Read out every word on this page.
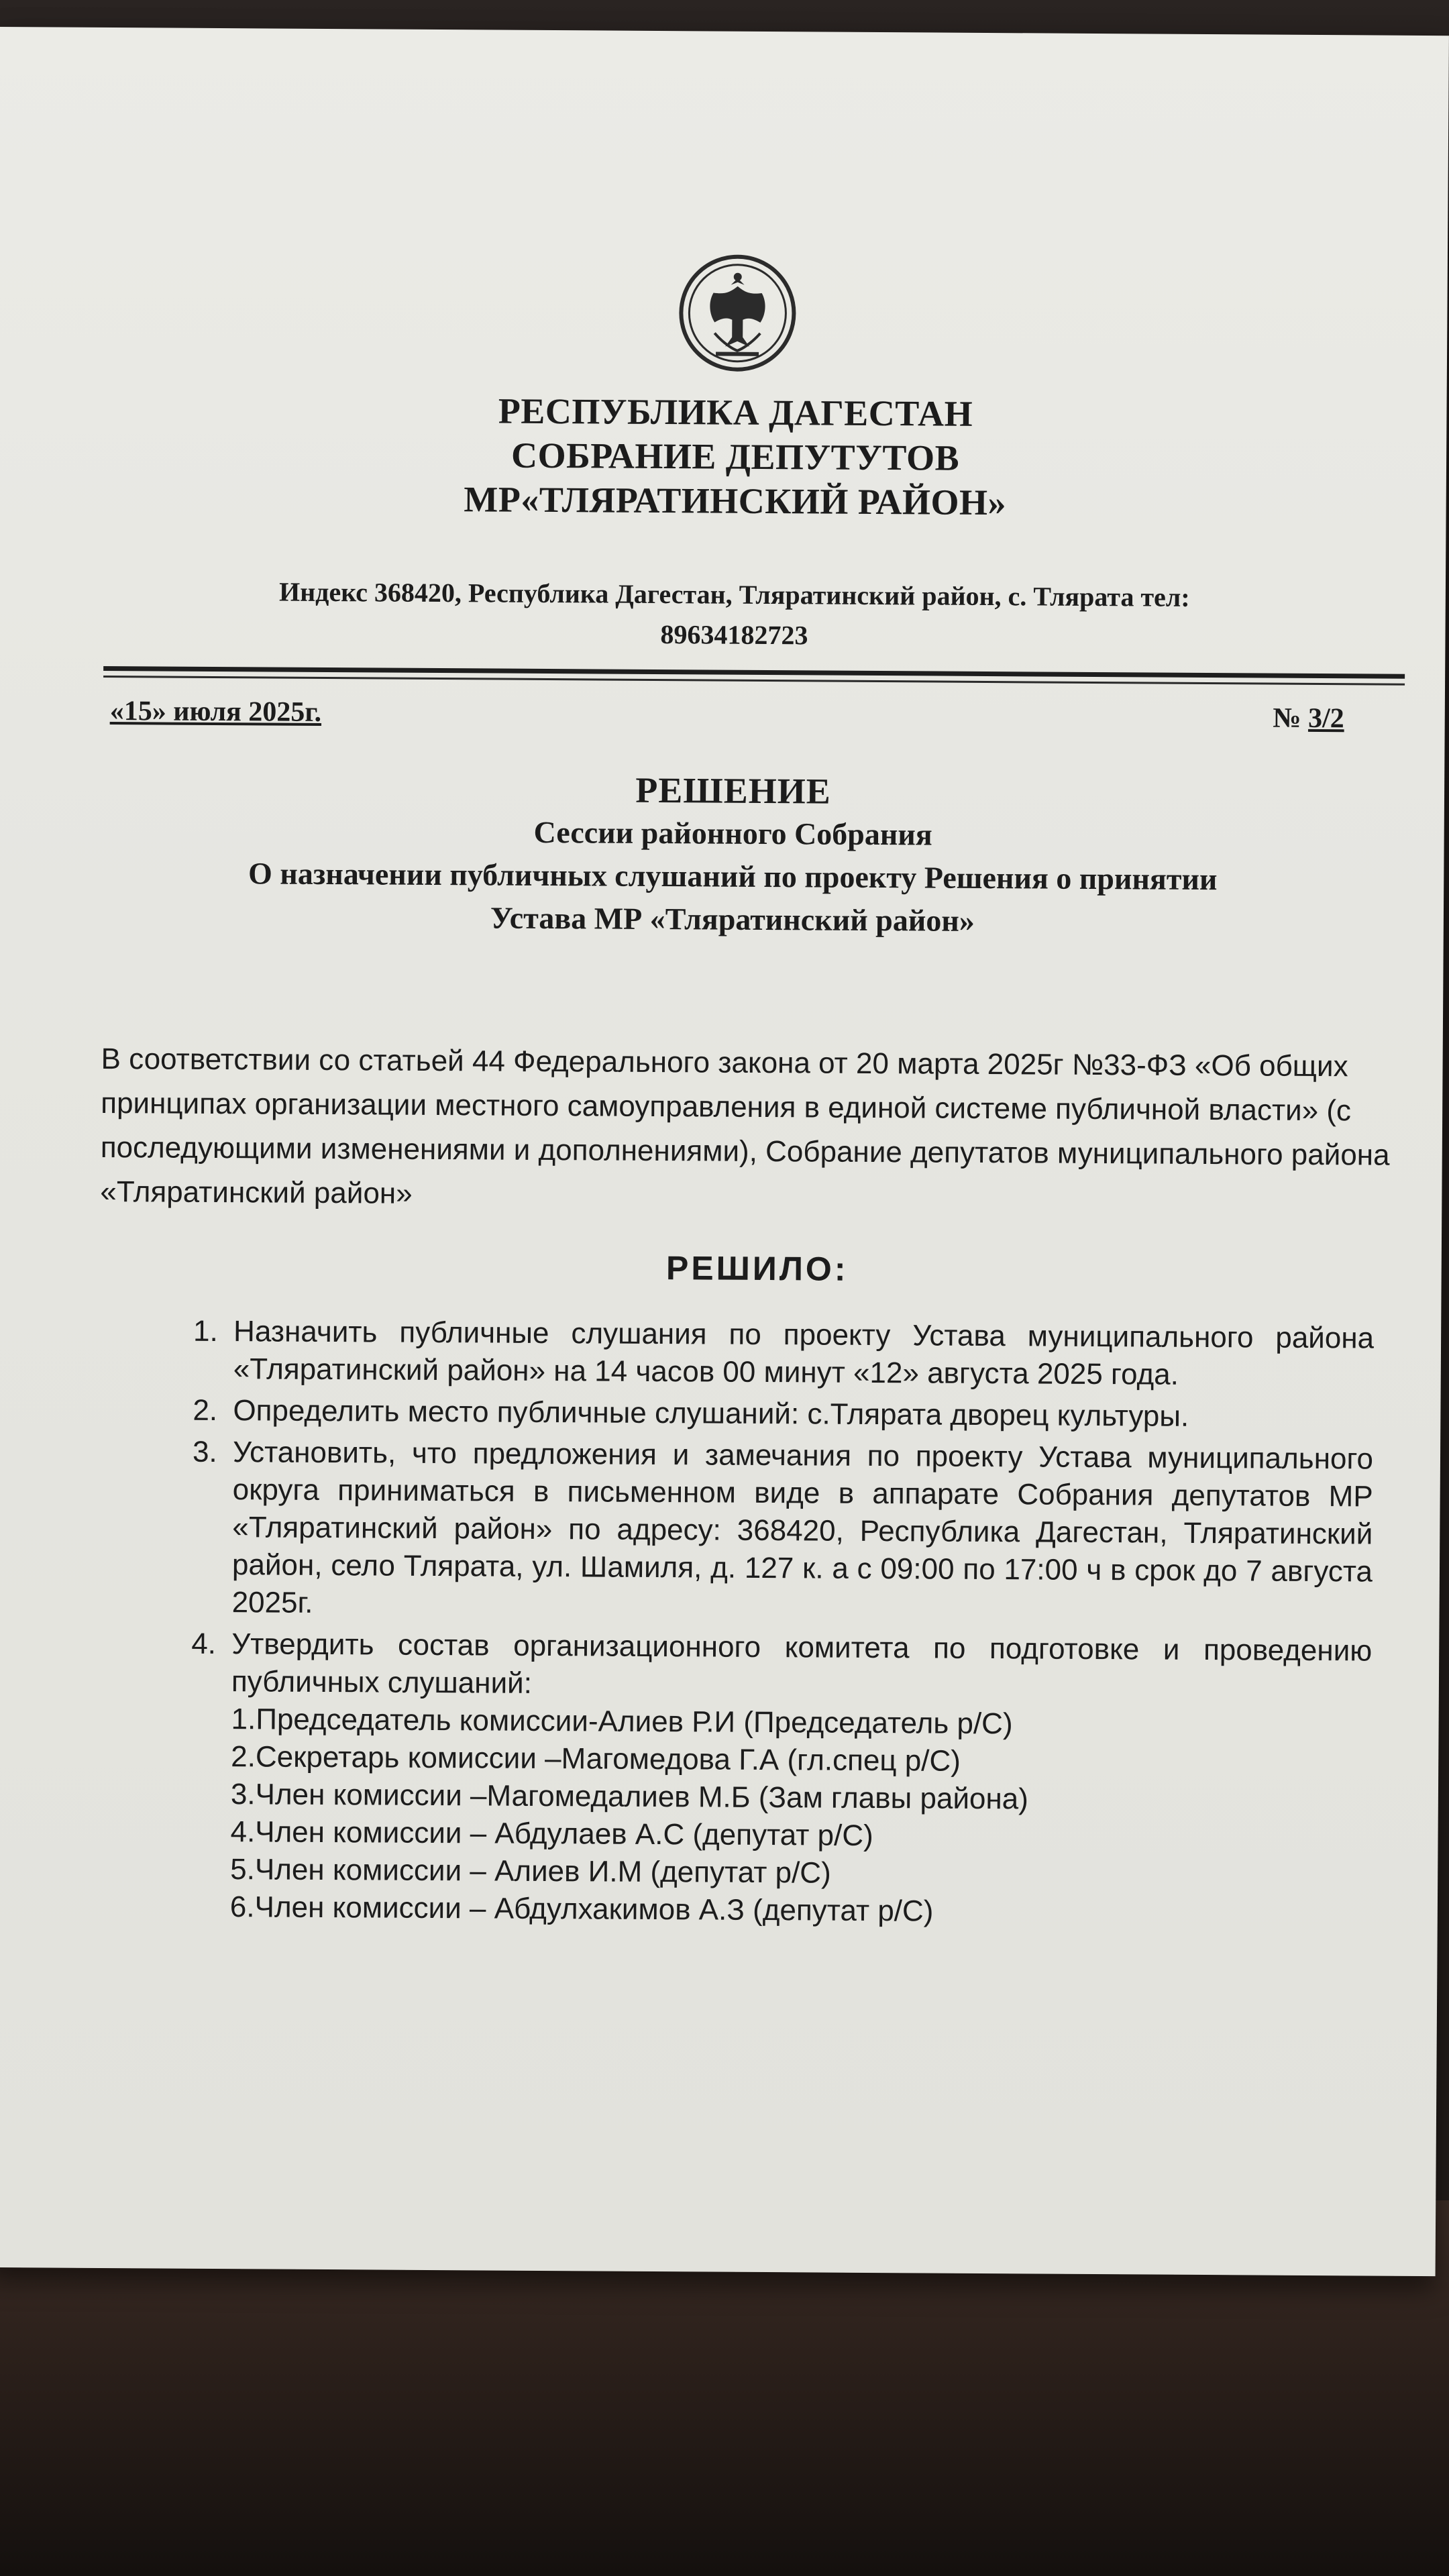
РЕСПУБЛИКА ДАГЕСТАН
СОБРАНИЕ ДЕПУТУТОВ
МР«ТЛЯРАТИНСКИЙ РАЙОН»
Индекс 368420, Республика Дагестан, Тляратинский район, с. Тлярата тел:
89634182723
«15» июля 2025г.	№ 3/2
РЕШЕНИЕ
Сессии районного Собрания
О назначении публичных слушаний по проекту Решения о принятии
Устава МР «Тляратинский район»
В соответствии со статьей 44 Федерального закона от 20 марта 2025г №33-ФЗ «Об общих принципах организации местного самоуправления в единой системе публичной власти» (с последующими изменениями и дополнениями), Собрание депутатов муниципального района «Тляратинский район»
РЕШИЛО:
1. Назначить публичные слушания по проекту Устава муниципального района «Тляратинский район» на 14 часов 00 минут «12» августа 2025 года.
2. Определить место публичные слушаний: с.Тлярата дворец культуры.
3. Установить, что предложения и замечания по проекту Устава муниципального округа приниматься в письменном виде в аппарате Собрания депутатов МР «Тляратинский район» по адресу: 368420, Республика Дагестан, Тляратинский район, село Тлярата, ул. Шамиля, д. 127 к. а с 09:00 по 17:00 ч в срок до 7 августа 2025г.
4. Утвердить состав организационного комитета по подготовке и проведению публичных слушаний:
1.Председатель комиссии-Алиев Р.И (Председатель р/С)
2.Секретарь комиссии –Магомедова Г.А (гл.спец р/С)
3.Член комиссии –Магомедалиев М.Б (Зам главы района)
4.Член комиссии – Абдулаев А.С (депутат р/С)
5.Член комиссии – Алиев И.М (депутат р/С)
6.Член комиссии – Абдулхакимов А.З (депутат р/С)
